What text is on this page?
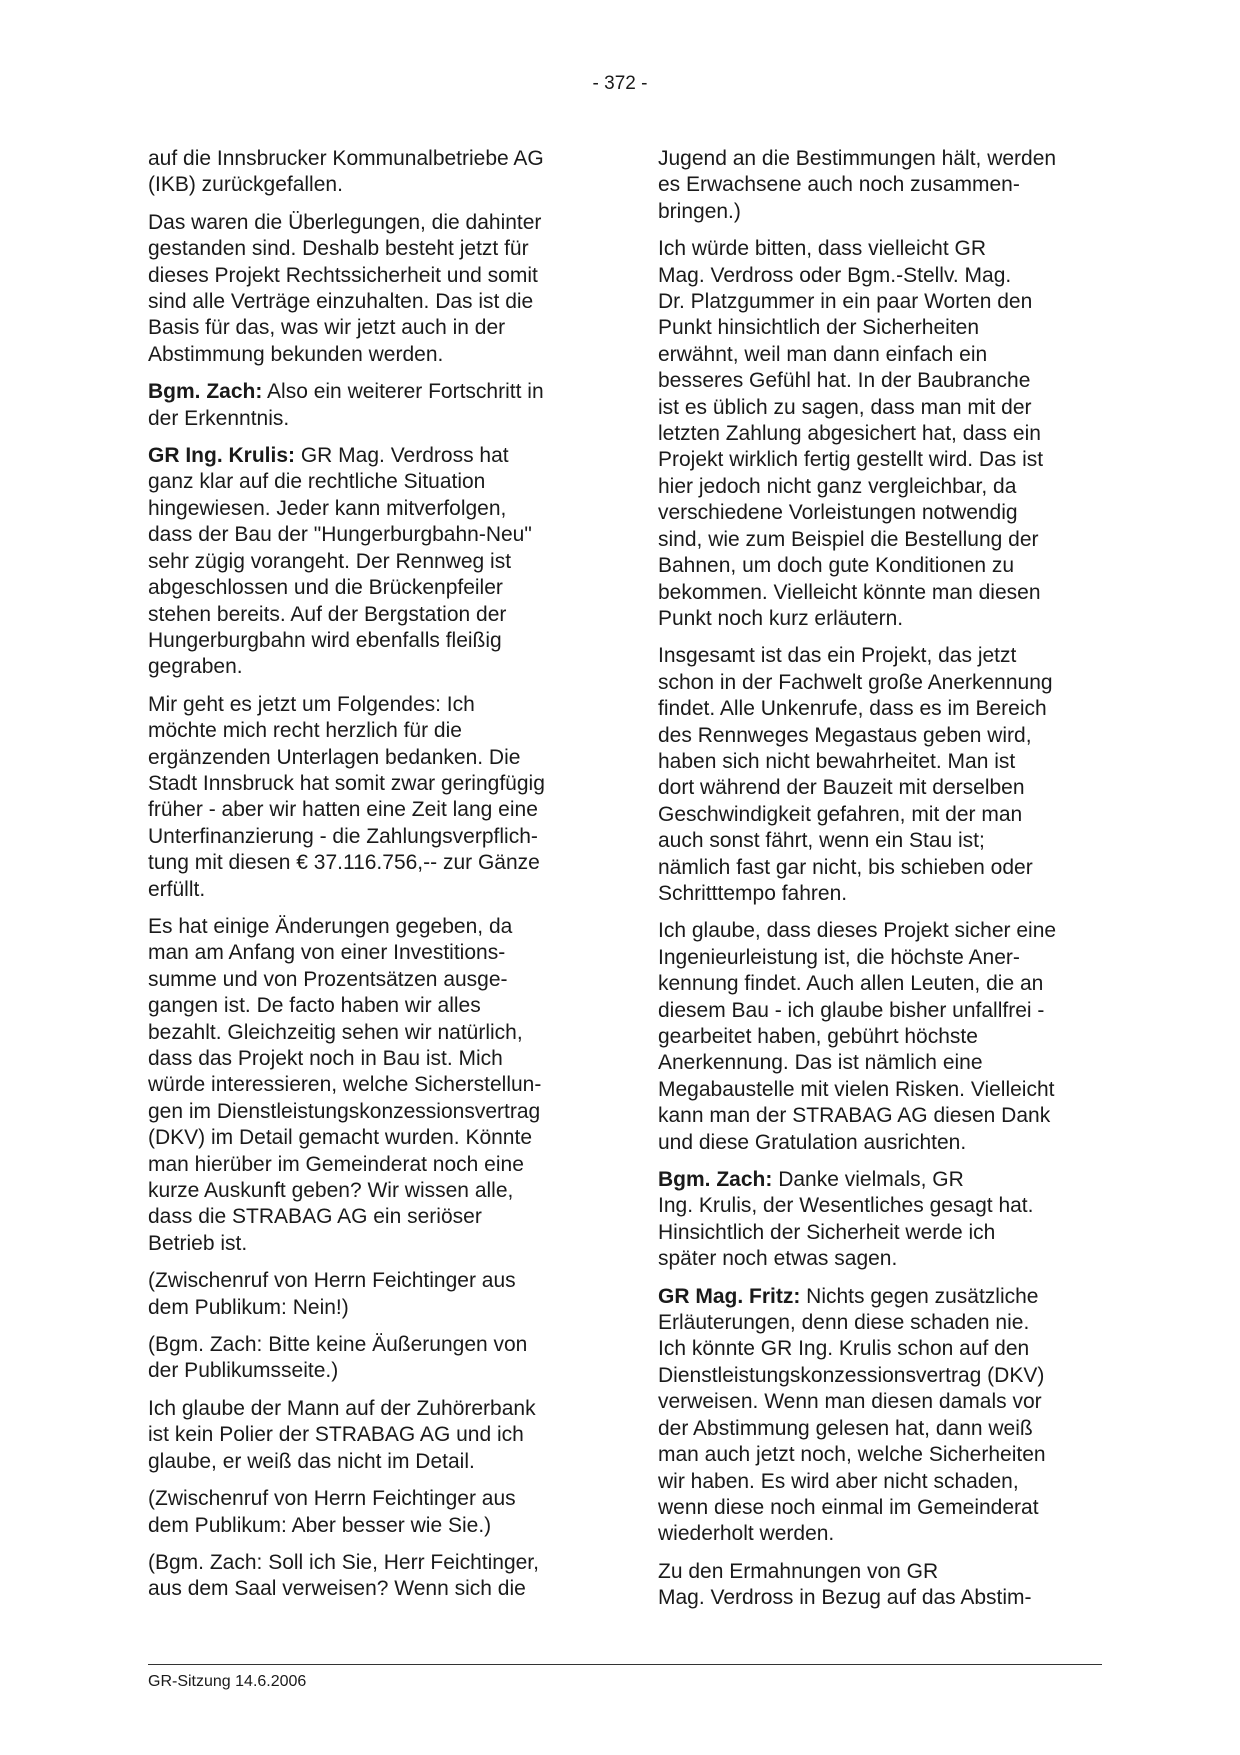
- 372 -

auf die Innsbrucker Kommunalbetriebe AG
(IKB) zurückgefallen.

Das waren die Überlegungen, die dahinter
gestanden sind. Deshalb besteht jetzt für
dieses Projekt Rechtssicherheit und somit
sind alle Verträge einzuhalten. Das ist die
Basis für das, was wir jetzt auch in der
Abstimmung bekunden werden.

Bgm. Zach: Also ein weiterer Fortschritt in
der Erkenntnis.

GR Ing. Krulis: GR Mag. Verdross hat
ganz klar auf die rechtliche Situation
hingewiesen. Jeder kann mitverfolgen,
dass der Bau der "Hungerburgbahn-Neu"
sehr zügig vorangeht. Der Rennweg ist
abgeschlossen und die Brückenpfeiler
stehen bereits. Auf der Bergstation der
Hungerburgbahn wird ebenfalls fleißig
gegraben.

Mir geht es jetzt um Folgendes: Ich
möchte mich recht herzlich für die
ergänzenden Unterlagen bedanken. Die
Stadt Innsbruck hat somit zwar geringfügig
früher - aber wir hatten eine Zeit lang eine
Unterfinanzierung - die Zahlungsverpflich-
tung mit diesen € 37.116.756,-- zur Gänze
erfüllt.

Es hat einige Änderungen gegeben, da
man am Anfang von einer Investitions-
summe und von Prozentsätzen ausge-
gangen ist. De facto haben wir alles
bezahlt. Gleichzeitig sehen wir natürlich,
dass das Projekt noch in Bau ist. Mich
würde interessieren, welche Sicherstellun-
gen im Dienstleistungskonzessionsvertrag
(DKV) im Detail gemacht wurden. Könnte
man hierüber im Gemeinderat noch eine
kurze Auskunft geben? Wir wissen alle,
dass die STRABAG AG ein seriöser
Betrieb ist.

(Zwischenruf von Herrn Feichtinger aus
dem Publikum: Nein!)

(Bgm. Zach: Bitte keine Äußerungen von
der Publikumsseite.)

Ich glaube der Mann auf der Zuhörerbank
ist kein Polier der STRABAG AG und ich
glaube, er weiß das nicht im Detail.

(Zwischenruf von Herrn Feichtinger aus
dem Publikum: Aber besser wie Sie.)

(Bgm. Zach: Soll ich Sie, Herr Feichtinger,
aus dem Saal verweisen? Wenn sich die

Jugend an die Bestimmungen hält, werden
es Erwachsene auch noch zusammen-
bringen.)

Ich würde bitten, dass vielleicht GR
Mag. Verdross oder Bgm.-Stellv. Mag.
Dr. Platzgummer in ein paar Worten den
Punkt hinsichtlich der Sicherheiten
erwähnt, weil man dann einfach ein
besseres Gefühl hat. In der Baubranche
ist es üblich zu sagen, dass man mit der
letzten Zahlung abgesichert hat, dass ein
Projekt wirklich fertig gestellt wird. Das ist
hier jedoch nicht ganz vergleichbar, da
verschiedene Vorleistungen notwendig
sind, wie zum Beispiel die Bestellung der
Bahnen, um doch gute Konditionen zu
bekommen. Vielleicht könnte man diesen
Punkt noch kurz erläutern.

Insgesamt ist das ein Projekt, das jetzt
schon in der Fachwelt große Anerkennung
findet. Alle Unkenrufe, dass es im Bereich
des Rennweges Megastaus geben wird,
haben sich nicht bewahrheitet. Man ist
dort während der Bauzeit mit derselben
Geschwindigkeit gefahren, mit der man
auch sonst fährt, wenn ein Stau ist;
nämlich fast gar nicht, bis schieben oder
Schritttempo fahren.

Ich glaube, dass dieses Projekt sicher eine
Ingenieurleistung ist, die höchste Aner-
kennung findet. Auch allen Leuten, die an
diesem Bau - ich glaube bisher unfallfrei -
gearbeitet haben, gebührt höchste
Anerkennung. Das ist nämlich eine
Megabaustelle mit vielen Risken. Vielleicht
kann man der STRABAG AG diesen Dank
und diese Gratulation ausrichten.

Bgm. Zach: Danke vielmals, GR
Ing. Krulis, der Wesentliches gesagt hat.
Hinsichtlich der Sicherheit werde ich
später noch etwas sagen.

GR Mag. Fritz: Nichts gegen zusätzliche
Erläuterungen, denn diese schaden nie.
Ich könnte GR Ing. Krulis schon auf den
Dienstleistungskonzessionsvertrag (DKV)
verweisen. Wenn man diesen damals vor
der Abstimmung gelesen hat, dann weiß
man auch jetzt noch, welche Sicherheiten
wir haben. Es wird aber nicht schaden,
wenn diese noch einmal im Gemeinderat
wiederholt werden.

Zu den Ermahnungen von GR
Mag. Verdross in Bezug auf das Abstim-

GR-Sitzung 14.6.2006
